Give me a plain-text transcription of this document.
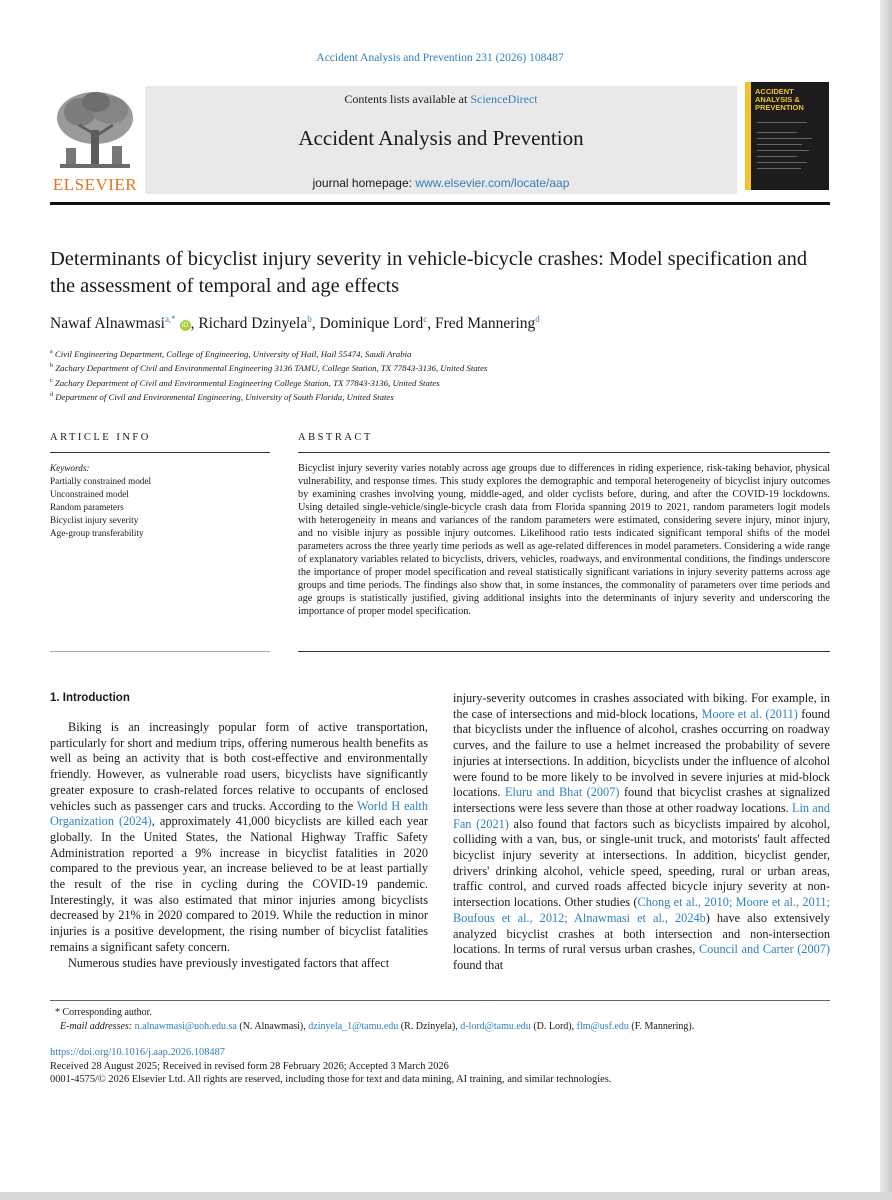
Accident Analysis and Prevention 231 (2026) 108487
ELSEVIER
Contents lists available at ScienceDirect
Accident Analysis and Prevention
journal homepage: www.elsevier.com/locate/aap
ACCIDENT ANALYSIS & PREVENTION
Determinants of bicyclist injury severity in vehicle-bicycle crashes: Model specification and the assessment of temporal and age effects
Nawaf Alnawmasi$^{a,*}$ iD , Richard Dzinyela$^b$, Dominique Lord$^c$, Fred Mannering$^d$
$^a$ Civil Engineering Department, College of Engineering, University of Hail, Hail 55474, Saudi Arabia
$^b$ Zachary Department of Civil and Environmental Engineering 3136 TAMU, College Station, TX 77843-3136, United States
$^c$ Zachary Department of Civil and Environmental Engineering College Station, TX 77843-3136, United States
$^d$ Department of Civil and Environmental Engineering, University of South Florida, United States
ARTICLE INFO	ABSTRACT
Keywords:
Partially constrained model
Unconstrained model
Random parameters
Bicyclist injury severity
Age-group transferability
Bicyclist injury severity varies notably across age groups due to differences in riding experience, risk-taking behavior, physical vulnerability, and response times. This study explores the demographic and temporal heterogeneity of bicyclist injury outcomes by examining crashes involving young, middle-aged, and older cyclists before, during, and after the COVID-19 lockdowns. Using detailed single-vehicle/single-bicycle crash data from Florida spanning 2019 to 2021, random parameters logit models with heterogeneity in means and variances of the random parameters were estimated, considering severe injury, minor injury, and no visible injury as possible injury outcomes. Likelihood ratio tests indicated significant temporal shifts of the model parameters across the three yearly time periods as well as age-related differences in model parameters. Considering a wide range of explanatory variables related to bicyclists, drivers, vehicles, roadways, and environmental conditions, the findings underscore the importance of proper model specification and reveal statistically significant variations in injury severity patterns across age groups and time periods. The findings also show that, in some instances, the commonality of parameters over time periods and age groups is statistically justified, giving additional insights into the determinants of injury severity and underscoring the importance of proper model specification.
1. Introduction

Biking is an increasingly popular form of active transportation, particularly for short and medium trips, offering numerous health benefits as well as being an activity that is both cost-effective and environmentally friendly. However, as vulnerable road users, bicyclists have significantly greater exposure to crash-related forces relative to occupants of enclosed vehicles such as passenger cars and trucks. According to the World H ealth Organization (2024), approximately 41,000 bicyclists are killed each year globally. In the United States, the National Highway Traffic Safety Administration reported a 9% increase in bicyclist fatalities in 2020 compared to the previous year, an increase believed to be at least partially the result of the rise in cycling during the COVID-19 pandemic. Interestingly, it was also estimated that minor injuries among bicyclists decreased by 21% in 2020 compared to 2019. While the reduction in minor injuries is a positive development, the rising number of bicyclist fatalities remains a significant safety concern.

Numerous studies have previously investigated factors that affect

injury-severity outcomes in crashes associated with biking. For example, in the case of intersections and mid-block locations, Moore et al. (2011) found that bicyclists under the influence of alcohol, crashes occurring on roadway curves, and the failure to use a helmet increased the probability of severe injuries at intersections. In addition, bicyclists under the influence of alcohol were found to be more likely to be involved in severe injuries at mid-block locations. Eluru and Bhat (2007) found that bicyclist crashes at signalized intersections were less severe than those at other roadway locations. Lin and Fan (2021) also found that factors such as bicyclists impaired by alcohol, colliding with a van, bus, or single-unit truck, and motorists' fault affected bicyclist injury severity at intersections. In addition, bicyclist gender, drivers' drinking alcohol, vehicle speed, speeding, rural or urban areas, traffic control, and curved roads affected bicycle injury severity at non-intersection locations. Other studies (Chong et al., 2010; Moore et al., 2011; Boufous et al., 2012; Alnawmasi et al., 2024b) have also extensively analyzed bicyclist crashes at both intersection and non-intersection locations. In terms of rural versus urban crashes, Council and Carter (2007) found that

* Corresponding author.
E-mail addresses: n.alnawmasi@uoh.edu.sa (N. Alnawmasi), dzinyela_1@tamu.edu (R. Dzinyela), d-lord@tamu.edu (D. Lord), flm@usf.edu (F. Mannering).
https://doi.org/10.1016/j.aap.2026.108487
Received 28 August 2025; Received in revised form 28 February 2026; Accepted 3 March 2026
0001-4575/© 2026 Elsevier Ltd. All rights are reserved, including those for text and data mining, AI training, and similar technologies.
